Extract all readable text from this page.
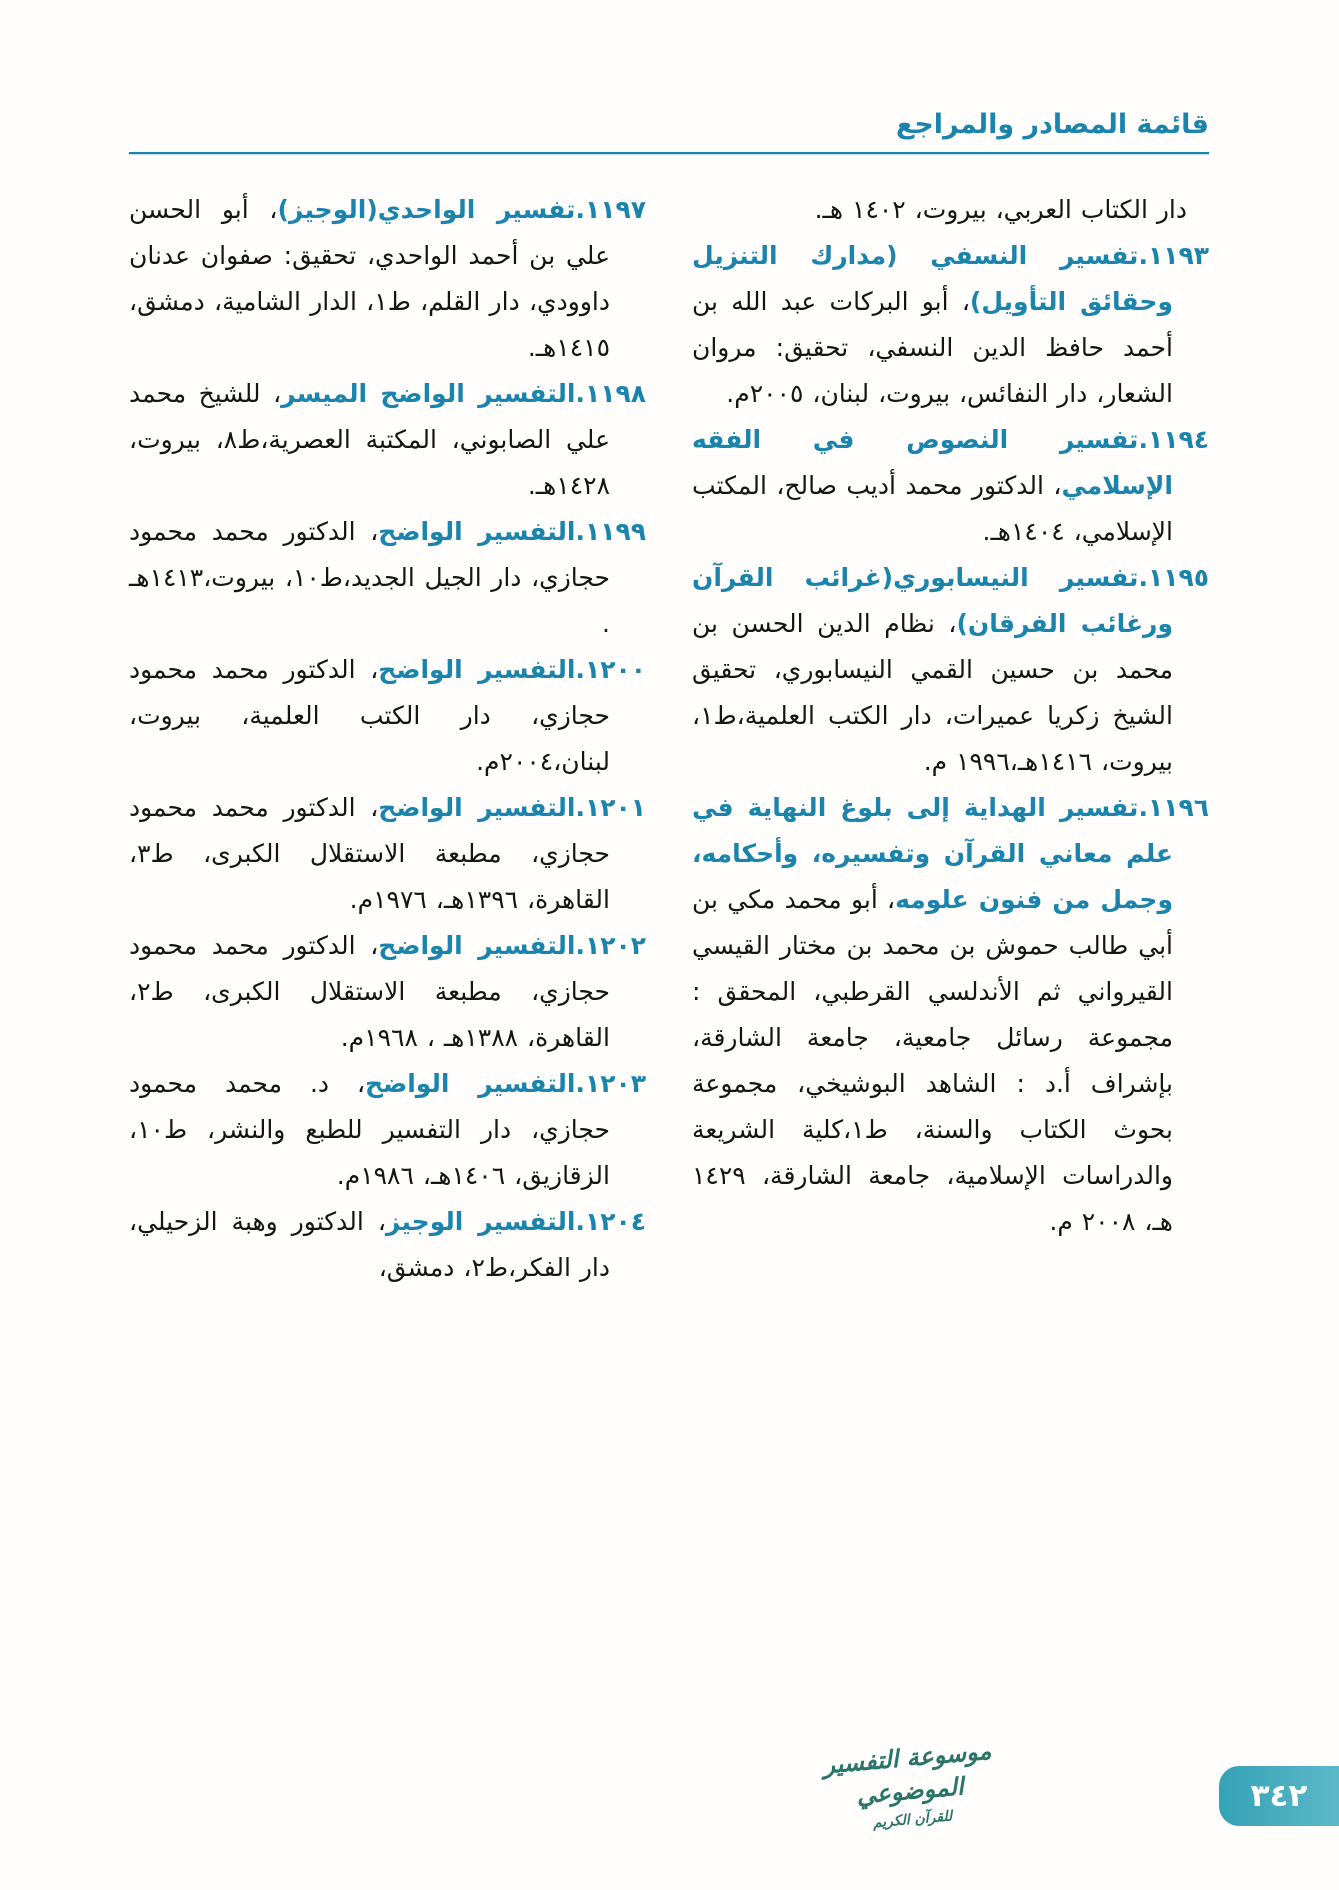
قائمة المصادر والمراجع

دار الكتاب العربي، بيروت، ١٤٠٢ هـ.

١١٩٣.تفسير النسفي (مدارك التنزيل وحقائق التأويل)، أبو البركات عبد الله بن أحمد حافظ الدين النسفي، تحقيق: مروان الشعار، دار النفائس، بيروت، لبنان، ٢٠٠٥م.

١١٩٤.تفسير النصوص في الفقه الإسلامي، الدكتور محمد أديب صالح، المكتب الإسلامي، ١٤٠٤هـ.

١١٩٥.تفسير النيسابوري(غرائب القرآن ورغائب الفرقان)، نظام الدين الحسن بن محمد بن حسين القمي النيسابوري، تحقيق الشيخ زكريا عميرات، دار الكتب العلمية،ط١، بيروت، ١٤١٦هـ،١٩٩٦ م.

١١٩٦.تفسير الهداية إلى بلوغ النهاية في علم معاني القرآن وتفسيره، وأحكامه، وجمل من فنون علومه، أبو محمد مكي بن أبي طالب حموش بن محمد بن مختار القيسي القيرواني ثم الأندلسي القرطبي، المحقق : مجموعة رسائل جامعية، جامعة الشارقة، بإشراف أ.د : الشاهد البوشيخي، مجموعة بحوث الكتاب والسنة، ط١،كلية الشريعة والدراسات الإسلامية، جامعة الشارقة، ١٤٢٩ هـ، ٢٠٠٨ م.

١١٩٧.تفسير الواحدي(الوجيز)، أبو الحسن علي بن أحمد الواحدي، تحقيق: صفوان عدنان داوودي، دار القلم، ط١، الدار الشامية، دمشق، ١٤١٥هـ.

١١٩٨.التفسير الواضح الميسر، للشيخ محمد علي الصابوني، المكتبة العصرية،ط٨، بيروت، ١٤٢٨هـ.

١١٩٩.التفسير الواضح، الدكتور محمد محمود حجازي، دار الجيل الجديد،ط١٠، بيروت،١٤١٣هـ .

١٢٠٠.التفسير الواضح، الدكتور محمد محمود حجازي، دار الكتب العلمية، بيروت، لبنان،٢٠٠٤م.

١٢٠١.التفسير الواضح، الدكتور محمد محمود حجازي، مطبعة الاستقلال الكبرى، ط٣، القاهرة، ١٣٩٦هـ، ١٩٧٦م.

١٢٠٢.التفسير الواضح، الدكتور محمد محمود حجازي، مطبعة الاستقلال الكبرى، ط٢، القاهرة، ١٣٨٨هـ ، ١٩٦٨م.

١٢٠٣.التفسير الواضح، د. محمد محمود حجازي، دار التفسير للطبع والنشر، ط١٠، الزقازيق، ١٤٠٦هـ، ١٩٨٦م.

١٢٠٤.التفسير الوجيز، الدكتور وهبة الزحيلي، دار الفكر،ط٢، دمشق،

موسوعة التفسير الموضوعي
للقرآن الكريم
٣٤٢
